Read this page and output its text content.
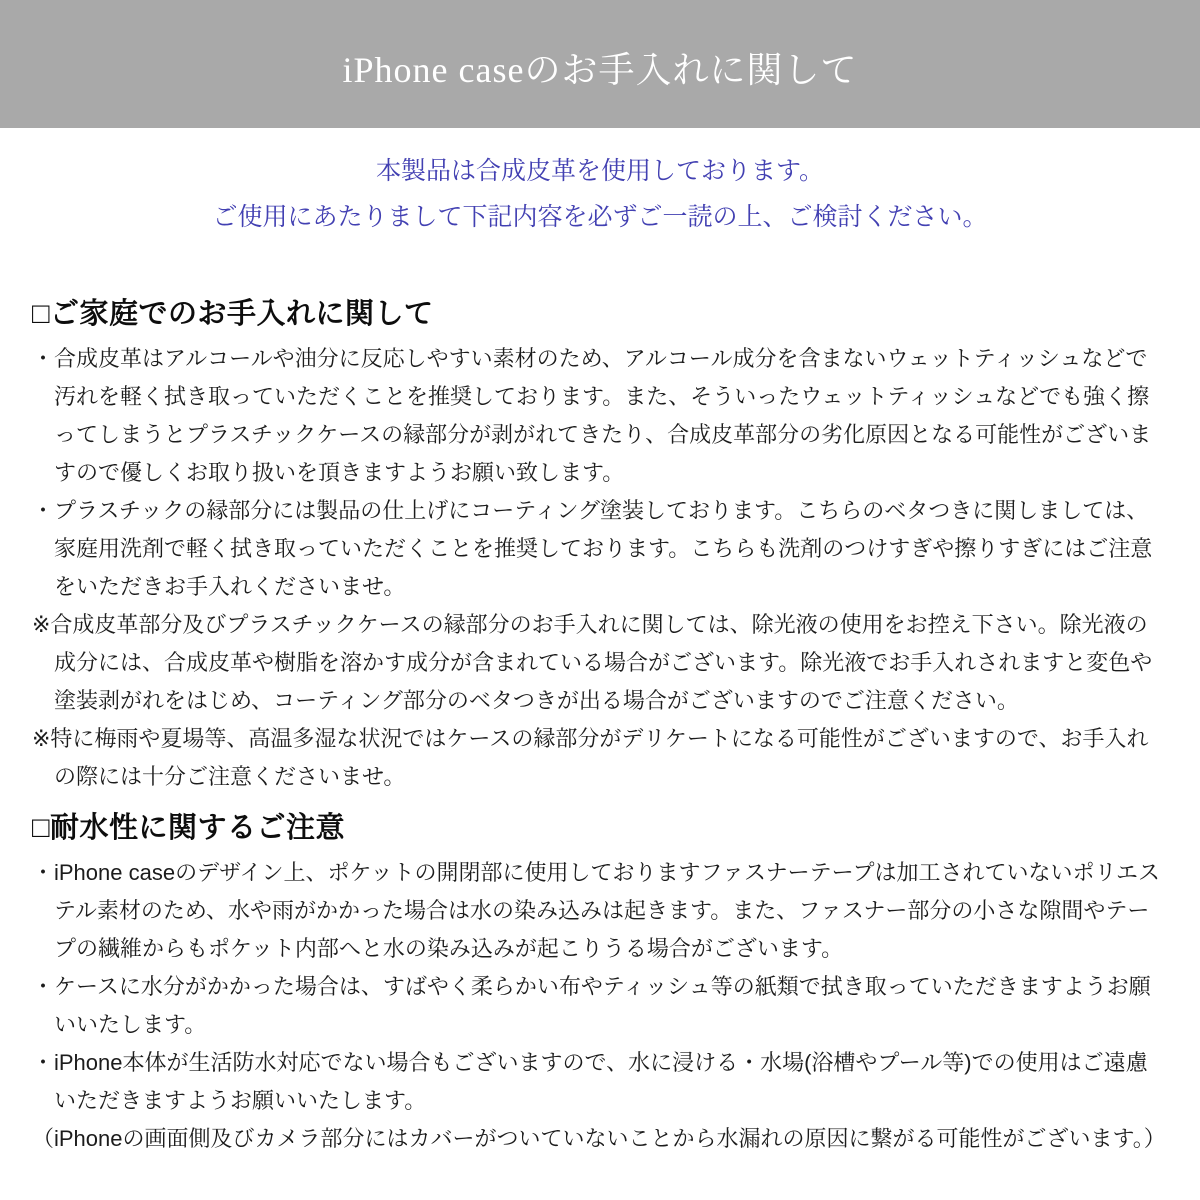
iPhone caseのお手入れに関して

本製品は合成皮革を使用しております。

ご使用にあたりまして下記内容を必ずご一読の上、ご検討ください。

□ご家庭でのお手入れに関して

・合成皮革はアルコールや油分に反応しやすい素材のため、アルコール成分を含まないウェットティッシュなどで汚れを軽く拭き取っていただくことを推奨しております。また、そういったウェットティッシュなどでも強く擦ってしまうとプラスチックケースの縁部分が剥がれてきたり、合成皮革部分の劣化原因となる可能性がございますので優しくお取り扱いを頂きますようお願い致します。

・プラスチックの縁部分には製品の仕上げにコーティング塗装しております。こちらのベタつきに関しましては、家庭用洗剤で軽く拭き取っていただくことを推奨しております。こちらも洗剤のつけすぎや擦りすぎにはご注意をいただきお手入れくださいませ。

※合成皮革部分及びプラスチックケースの縁部分のお手入れに関しては、除光液の使用をお控え下さい。除光液の成分には、合成皮革や樹脂を溶かす成分が含まれている場合がございます。除光液でお手入れされますと変色や塗装剥がれをはじめ、コーティング部分のベタつきが出る場合がございますのでご注意ください。

※特に梅雨や夏場等、高温多湿な状況ではケースの縁部分がデリケートになる可能性がございますので、お手入れの際には十分ご注意くださいませ。

□耐水性に関するご注意

・iPhone caseのデザイン上、ポケットの開閉部に使用しておりますファスナーテープは加工されていないポリエステル素材のため、水や雨がかかった場合は水の染み込みは起きます。また、ファスナー部分の小さな隙間やテープの繊維からもポケット内部へと水の染み込みが起こりうる場合がございます。

・ケースに水分がかかった場合は、すばやく柔らかい布やティッシュ等の紙類で拭き取っていただきますようお願いいたします。

・iPhone本体が生活防水対応でない場合もございますので、水に浸ける・水場(浴槽やプール等)での使用はご遠慮いただきますようお願いいたします。

（iPhoneの画面側及びカメラ部分にはカバーがついていないことから水漏れの原因に繋がる可能性がございます。）
